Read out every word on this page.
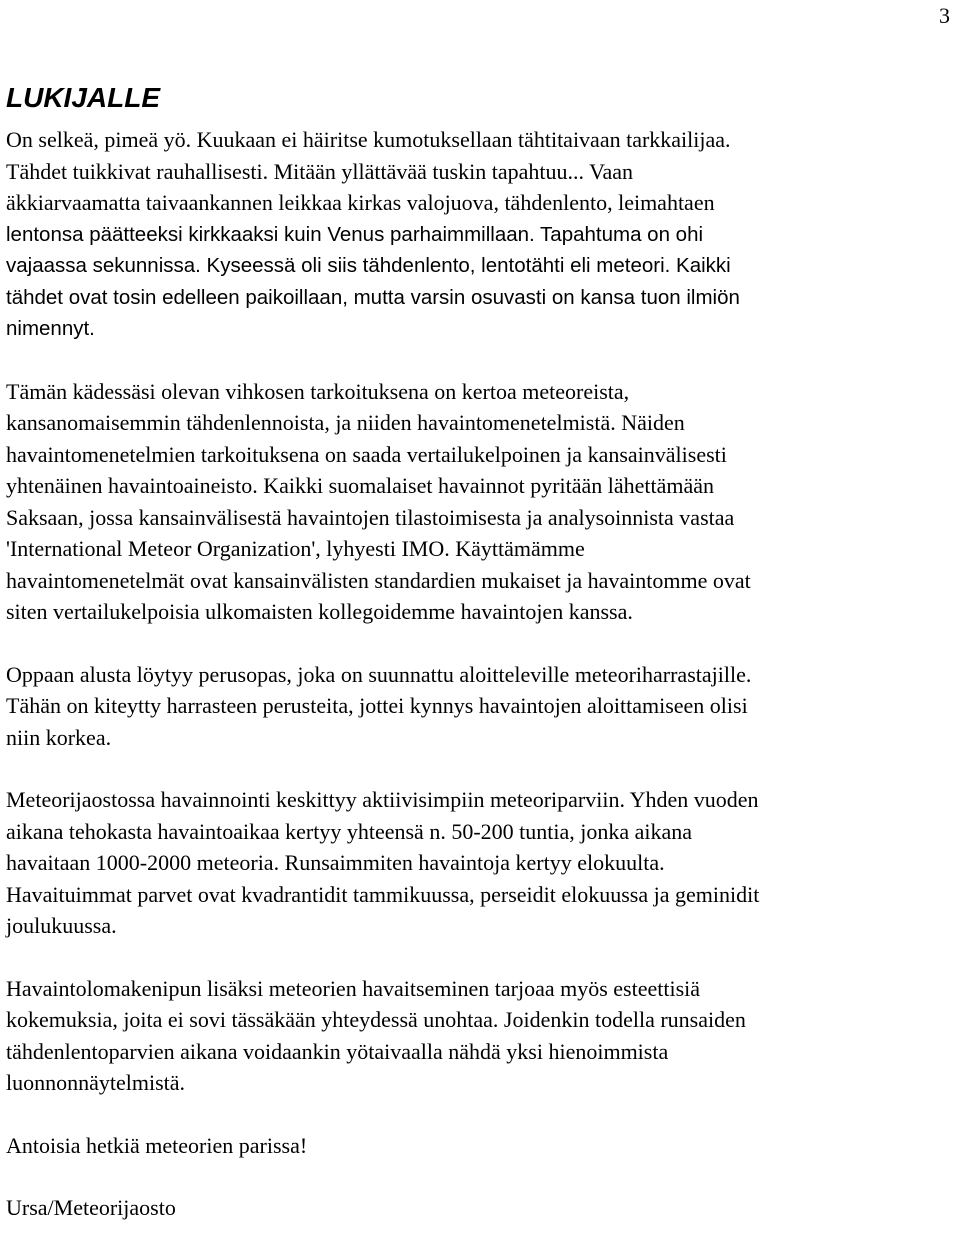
3
LUKIJALLE

On selkeä, pimeä yö. Kuukaan ei häiritse kumotuksellaan tähtitaivaan tarkkailijaa.
Tähdet tuikkivat rauhallisesti. Mitään yllättävää tuskin tapahtuu... Vaan
äkkiarvaamatta taivaankannen leikkaa kirkas valojuova, tähdenlento, leimahtaen
lentonsa päätteeksi kirkkaaksi kuin Venus parhaimmillaan. Tapahtuma on ohi
vajaassa sekunnissa. Kyseessä oli siis tähdenlento, lentotähti eli meteori. Kaikki
tähdet ovat tosin edelleen paikoillaan, mutta varsin osuvasti on kansa tuon ilmiön
nimennyt.

Tämän kädessäsi olevan vihkosen tarkoituksena on kertoa meteoreista,
kansanomaisemmin tähdenlennoista, ja niiden havaintomenetelmistä. Näiden
havaintomenetelmien tarkoituksena on saada vertailukelpoinen ja kansainvälisesti
yhtenäinen havaintoaineisto. Kaikki suomalaiset havainnot pyritään lähettämään
Saksaan, jossa kansainvälisestä havaintojen tilastoimisesta ja analysoinnista vastaa
'International Meteor Organization', lyhyesti IMO. Käyttämämme
havaintomenetelmät ovat kansainvälisten standardien mukaiset ja havaintomme ovat
siten vertailukelpoisia ulkomaisten kollegoidemme havaintojen kanssa.

Oppaan alusta löytyy perusopas, joka on suunnattu aloitteleville meteoriharrastajille.
Tähän on kiteytty harrasteen perusteita, jottei kynnys havaintojen aloittamiseen olisi
niin korkea.

Meteorijaostossa havainnointi keskittyy aktiivisimpiin meteoriparviin. Yhden vuoden
aikana tehokasta havaintoaikaa kertyy yhteensä n. 50-200 tuntia, jonka aikana
havaitaan 1000-2000 meteoria. Runsaimmiten havaintoja kertyy elokuulta.
Havaituimmat parvet ovat kvadrantidit tammikuussa, perseidit elokuussa ja geminidit
joulukuussa.

Havaintolomakenipun lisäksi meteorien havaitseminen tarjoaa myös esteettisiä
kokemuksia, joita ei sovi tässäkään yhteydessä unohtaa. Joidenkin todella runsaiden
tähdenlentoparvien aikana voidaankin yötaivaalla nähdä yksi hienoimmista
luonnonnäytelmistä.

Antoisia hetkiä meteorien parissa!

Ursa/Meteorijaosto
